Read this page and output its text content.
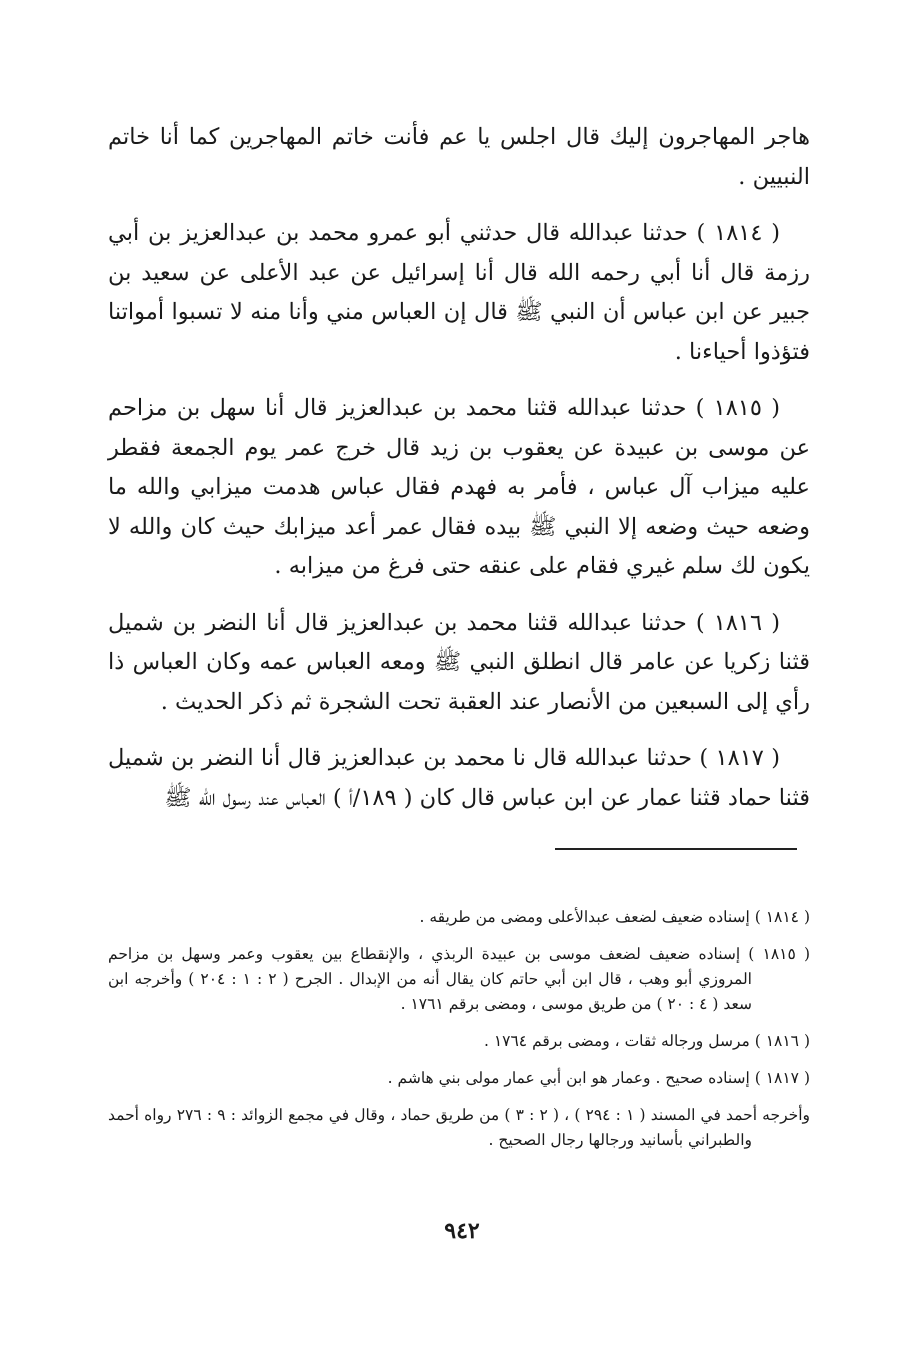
هاجر المهاجرون إليك قال اجلس يا عم فأنت خاتم المهاجرين كما أنا خاتم النبيين .

( ١٨١٤ ) حدثنا عبدالله قال حدثني أبو عمرو محمد بن عبدالعزيز بن أبي رزمة قال أنا أبي رحمه الله قال أنا إسرائيل عن عبد الأعلى عن سعيد بن جبير عن ابن عباس أن النبي ﷺ قال إن العباس مني وأنا منه لا تسبوا أمواتنا فتؤذوا أحياءنا .

( ١٨١٥ ) حدثنا عبدالله قثنا محمد بن عبدالعزيز قال أنا سهل بن مزاحم عن موسى بن عبيدة عن يعقوب بن زيد قال خرج عمر يوم الجمعة فقطر عليه ميزاب آل عباس ، فأمر به فهدم فقال عباس هدمت ميزابي والله ما وضعه حيث وضعه إلا النبي ﷺ بيده فقال عمر أعد ميزابك حيث كان والله لا يكون لك سلم غيري فقام على عنقه حتى فرغ من ميزابه .

( ١٨١٦ ) حدثنا عبدالله قثنا محمد بن عبدالعزيز قال أنا النضر بن شميل قثنا زكريا عن عامر قال انطلق النبي ﷺ ومعه العباس عمه وكان العباس ذا رأي إلى السبعين من الأنصار عند العقبة تحت الشجرة ثم ذكر الحديث .

( ١٨١٧ ) حدثنا عبدالله قال نا محمد بن عبدالعزيز قال أنا النضر بن شميل قثنا حماد قثنا عمار عن ابن عباس قال كان ( ١٨٩/أ ) العباس عند رسول الله ﷺ

( ١٨١٤ ) إسناده ضعيف لضعف عبدالأعلى ومضى من طريقه .

( ١٨١٥ ) إسناده ضعيف لضعف موسى بن عبيدة الربذي ، والإنقطاع بين يعقوب وعمر وسهل بن مزاحم المروزي أبو وهب ، قال ابن أبي حاتم كان يقال أنه من الإبدال . الجرح ( ٢ : ١ : ٢٠٤ ) وأخرجه ابن سعد ( ٤ : ٢٠ ) من طريق موسى ، ومضى برقم ١٧٦١ .

( ١٨١٦ ) مرسل ورجاله ثقات ، ومضى برقم ١٧٦٤ .

( ١٨١٧ ) إسناده صحيح . وعمار هو ابن أبي عمار مولى بني هاشم .

وأخرجه أحمد في المسند ( ١ : ٢٩٤ ) ، ( ٢ : ٣ ) من طريق حماد ، وقال في مجمع الزوائد : ٩ : ٢٧٦ رواه أحمد والطبراني بأسانيد ورجالها رجال الصحيح .

٩٤٢
